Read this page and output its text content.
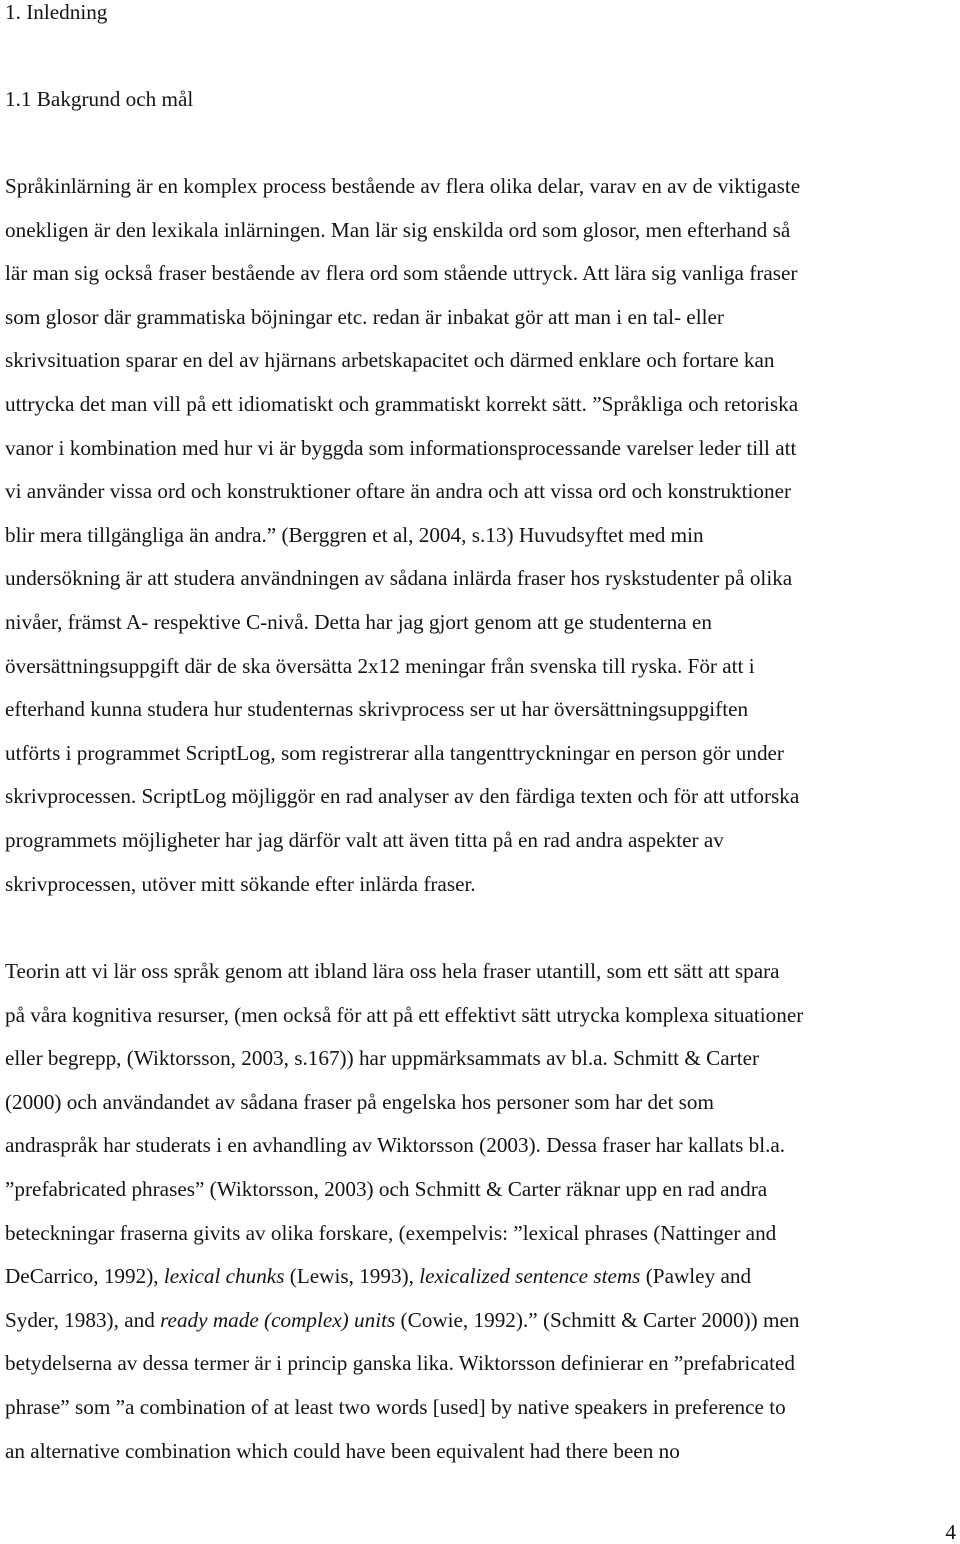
1. Inledning
1.1 Bakgrund och mål

Språkinlärning är en komplex process bestående av flera olika delar, varav en av de viktigaste

onekligen är den lexikala inlärningen. Man lär sig enskilda ord som glosor, men efterhand så

lär man sig också fraser bestående av flera ord som stående uttryck. Att lära sig vanliga fraser

som glosor där grammatiska böjningar etc. redan är inbakat gör att man i en tal- eller

skrivsituation sparar en del av hjärnans arbetskapacitet och därmed enklare och fortare kan

uttrycka det man vill på ett idiomatiskt och grammatiskt korrekt sätt. ”Språkliga och retoriska

vanor i kombination med hur vi är byggda som informationsprocessande varelser leder till att

vi använder vissa ord och konstruktioner oftare än andra och att vissa ord och konstruktioner

blir mera tillgängliga än andra.” (Berggren et al, 2004, s.13) Huvudsyftet med min

undersökning är att studera användningen av sådana inlärda fraser hos ryskstudenter på olika

nivåer, främst A- respektive C-nivå. Detta har jag gjort genom att ge studenterna en

översättningsuppgift där de ska översätta 2x12 meningar från svenska till ryska. För att i

efterhand kunna studera hur studenternas skrivprocess ser ut har översättningsuppgiften

utförts i programmet ScriptLog, som registrerar alla tangenttryckningar en person gör under

skrivprocessen. ScriptLog möjliggör en rad analyser av den färdiga texten och för att utforska

programmets möjligheter har jag därför valt att även titta på en rad andra aspekter av

skrivprocessen, utöver mitt sökande efter inlärda fraser.

Teorin att vi lär oss språk genom att ibland lära oss hela fraser utantill, som ett sätt att spara

på våra kognitiva resurser, (men också för att på ett effektivt sätt utrycka komplexa situationer

eller begrepp, (Wiktorsson, 2003, s.167)) har uppmärksammats av bl.a. Schmitt & Carter

(2000) och användandet av sådana fraser på engelska hos personer som har det som

andraspråk har studerats i en avhandling av Wiktorsson (2003). Dessa fraser har kallats bl.a.

”prefabricated phrases” (Wiktorsson, 2003) och Schmitt & Carter räknar upp en rad andra

beteckningar fraserna givits av olika forskare, (exempelvis: ”lexical phrases (Nattinger and

DeCarrico, 1992), lexical chunks (Lewis, 1993), lexicalized sentence stems (Pawley and

Syder, 1983), and ready made (complex) units (Cowie, 1992).” (Schmitt & Carter 2000)) men

betydelserna av dessa termer är i princip ganska lika. Wiktorsson definierar en ”prefabricated

phrase” som ”a combination of at least two words [used] by native speakers in preference to

an alternative combination which could have been equivalent had there been no

4
